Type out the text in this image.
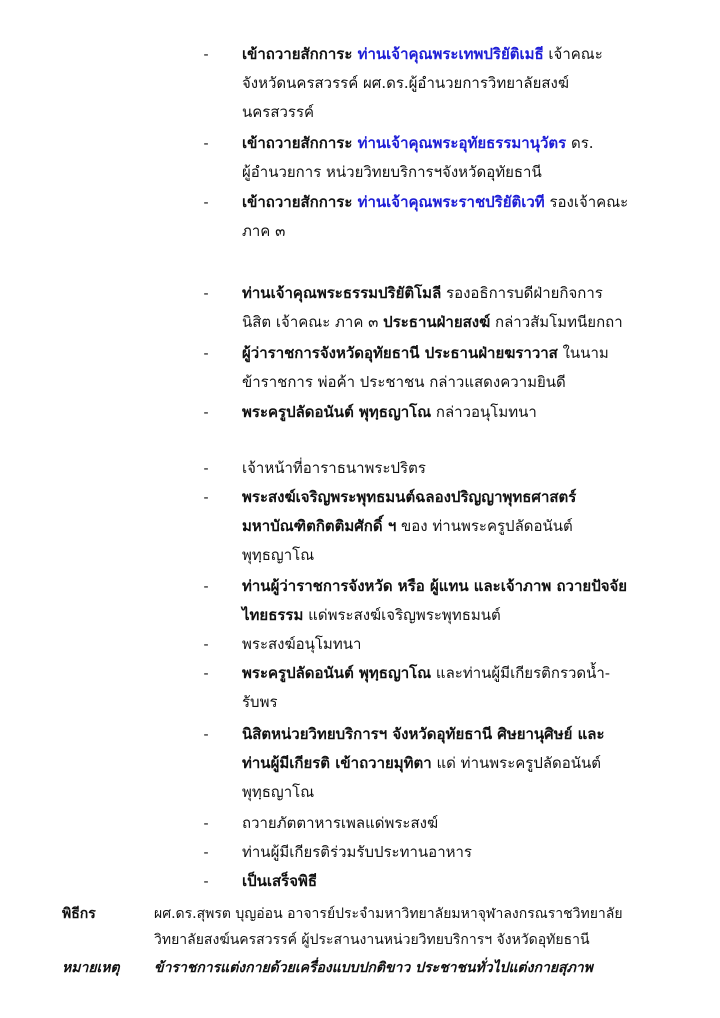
-	เข้าถวายสักการะ ท่านเจ้าคุณพระเทพปริยัติเมธี เจ้าคณะ
จังหวัดนครสวรรค์ ผศ.ดร.ผู้อำนวยการวิทยาลัยสงฆ์
นครสวรรค์
-	เข้าถวายสักการะ ท่านเจ้าคุณพระอุทัยธรรมานุวัตร ดร.
ผู้อำนวยการ หน่วยวิทยบริการฯจังหวัดอุทัยธานี
-	เข้าถวายสักการะ ท่านเจ้าคุณพระราชปริยัติเวที รองเจ้าคณะ
ภาค ๓
-	ท่านเจ้าคุณพระธรรมปริยัติโมลี รองอธิการบดีฝ่ายกิจการ
นิสิต เจ้าคณะ ภาค ๓ ประธานฝ่ายสงฆ์ กล่าวสัมโมทนียกถา
-	ผู้ว่าราชการจังหวัดอุทัยธานี ประธานฝ่ายฆราวาส ในนาม
ข้าราชการ พ่อค้า ประชาชน กล่าวแสดงความยินดี
-	พระครูปลัดอนันต์ พุทฺธญาโณ กล่าวอนุโมทนา
-	เจ้าหน้าที่อาราธนาพระปริตร
-	พระสงฆ์เจริญพระพุทธมนต์ฉลองปริญญาพุทธศาสตร์
มหาบัณฑิตกิตติมศักดิ์ ฯ ของ ท่านพระครูปลัดอนันต์
พุทฺธญาโณ
-	ท่านผู้ว่าราชการจังหวัด หรือ ผู้แทน และเจ้าภาพ ถวายปัจจัย
ไทยธรรม แด่พระสงฆ์เจริญพระพุทธมนต์
-	พระสงฆ์อนุโมทนา
-	พระครูปลัดอนันต์ พุทฺธญาโณ และท่านผู้มีเกียรติกรวดน้ำ-
รับพร
-	นิสิตหน่วยวิทยบริการฯ จังหวัดอุทัยธานี ศิษยานุศิษย์ และ
ท่านผู้มีเกียรติ เข้าถวายมุทิตา แด่ ท่านพระครูปลัดอนันต์
พุทฺธญาโณ
-	ถวายภัตตาหารเพลแด่พระสงฆ์
-	ท่านผู้มีเกียรติร่วมรับประทานอาหาร
-	เป็นเสร็จพิธี
พิธีกร	ผศ.ดร.สุพรต บุญอ่อน อาจารย์ประจำมหาวิทยาลัยมหาจุฬาลงกรณราชวิทยาลัย
วิทยาลัยสงฆ์นครสวรรค์ ผู้ประสานงานหน่วยวิทยบริการฯ จังหวัดอุทัยธานี
หมายเหตุ	ข้าราชการแต่งกายด้วยเครื่องแบบปกติขาว ประชาชนทั่วไปแต่งกายสุภาพ
